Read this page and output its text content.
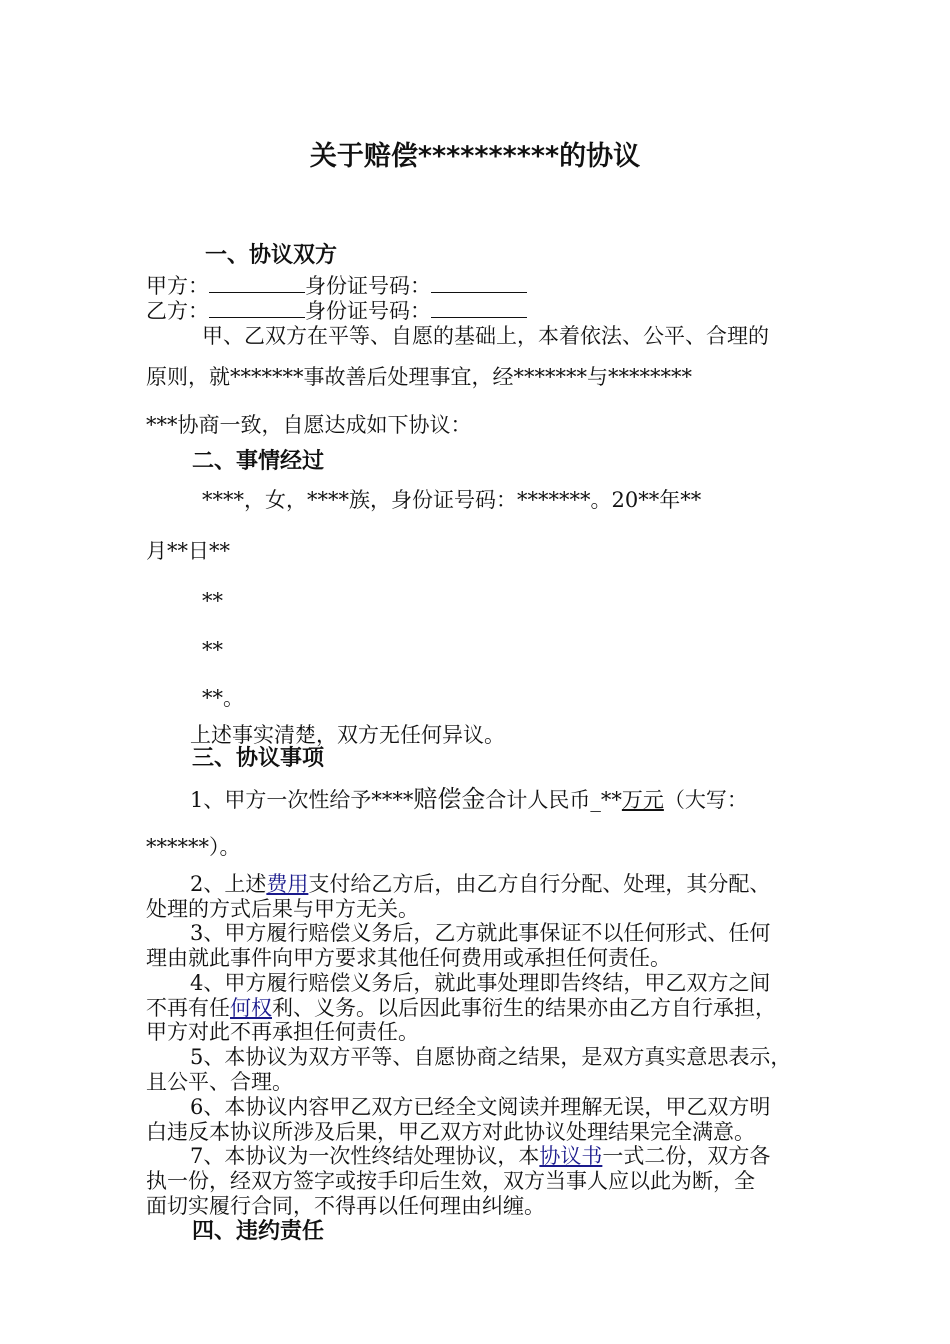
关于赔偿**********的协议
一、协议双方
甲方：	身份证号码：
乙方：	身份证号码：
甲、乙双方在平等、自愿的基础上，本着依法、公平、合理的
原则，就*******事故善后处理事宜，经*******与********
***协商一致，自愿达成如下协议：
二、事情经过
****，女，****族，身份证号码：*******。20**年**
月**日**
**
**
**。
上述事实清楚，双方无任何异议。
三、协议事项
1、甲方一次性给予****赔偿金合计人民币_**万元（大写：
******）。
2、上述费用支付给乙方后，由乙方自行分配、处理，其分配、
处理的方式后果与甲方无关。
3、甲方履行赔偿义务后，乙方就此事保证不以任何形式、任何
理由就此事件向甲方要求其他任何费用或承担任何责任。
4、甲方履行赔偿义务后，就此事处理即告终结，甲乙双方之间
不再有任何权利、义务。以后因此事衍生的结果亦由乙方自行承担，
甲方对此不再承担任何责任。
5、本协议为双方平等、自愿协商之结果，是双方真实意思表示，
且公平、合理。
6、本协议内容甲乙双方已经全文阅读并理解无误，甲乙双方明
白违反本协议所涉及后果，甲乙双方对此协议处理结果完全满意。
7、本协议为一次性终结处理协议，本协议书一式二份，双方各
执一份，经双方签字或按手印后生效，双方当事人应以此为断，全
面切实履行合同，不得再以任何理由纠缠。
四、违约责任
